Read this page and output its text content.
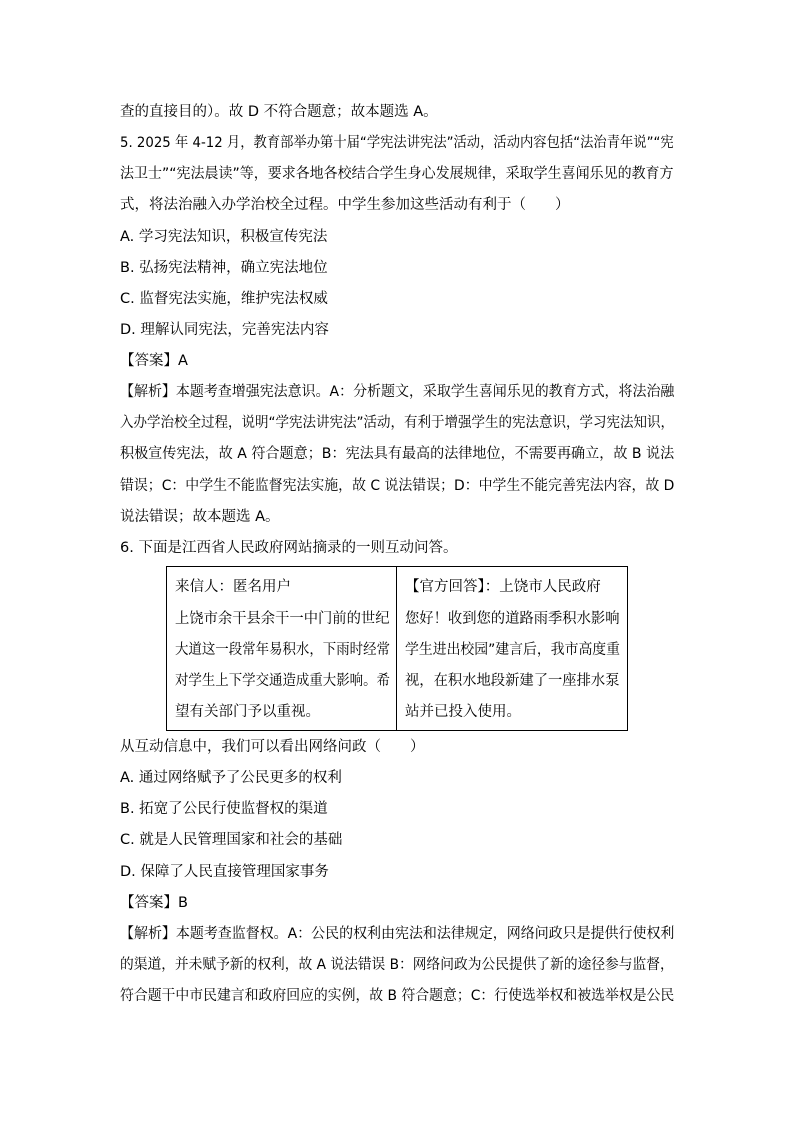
查的直接目的）。故 D 不符合题意；故本题选 A。
5. 2025 年 4-12 月，教育部举办第十届“学宪法讲宪法”活动，活动内容包括“法治青年说”“宪
法卫士”“宪法晨读”等，要求各地各校结合学生身心发展规律，采取学生喜闻乐见的教育方
式，将法治融入办学治校全过程。中学生参加这些活动有利于（　　）
A. 学习宪法知识，积极宣传宪法
B. 弘扬宪法精神，确立宪法地位
C. 监督宪法实施，维护宪法权威
D. 理解认同宪法，完善宪法内容
【答案】A
【解析】本题考查增强宪法意识。A：分析题文，采取学生喜闻乐见的教育方式，将法治融
入办学治校全过程，说明“学宪法讲宪法”活动，有利于增强学生的宪法意识，学习宪法知识，
积极宣传宪法，故 A 符合题意；B：宪法具有最高的法律地位，不需要再确立，故 B 说法
错误；C：中学生不能监督宪法实施，故 C 说法错误；D：中学生不能完善宪法内容，故 D
说法错误；故本题选 A。
6. 下面是江西省人民政府网站摘录的一则互动问答。
来信人：匿名用户
上饶市余干县余干一中门前的世纪
大道这一段常年易积水，下雨时经常
对学生上下学交通造成重大影响。希
望有关部门予以重视。
【官方回答】：上饶市人民政府
您好！收到您的道路雨季积水影响
学生进出校园”建言后，我市高度重
视，在积水地段新建了一座排水泵
站并已投入使用。
从互动信息中，我们可以看出网络问政（　　）
A. 通过网络赋予了公民更多的权利
B. 拓宽了公民行使监督权的渠道
C. 就是人民管理国家和社会的基础
D. 保障了人民直接管理国家事务
【答案】B
【解析】本题考查监督权。A：公民的权利由宪法和法律规定，网络问政只是提供行使权利
的渠道，并未赋予新的权利，故 A 说法错误 B：网络问政为公民提供了新的途径参与监督，
符合题干中市民建言和政府回应的实例，故 B 符合题意；C：行使选举权和被选举权是公民
